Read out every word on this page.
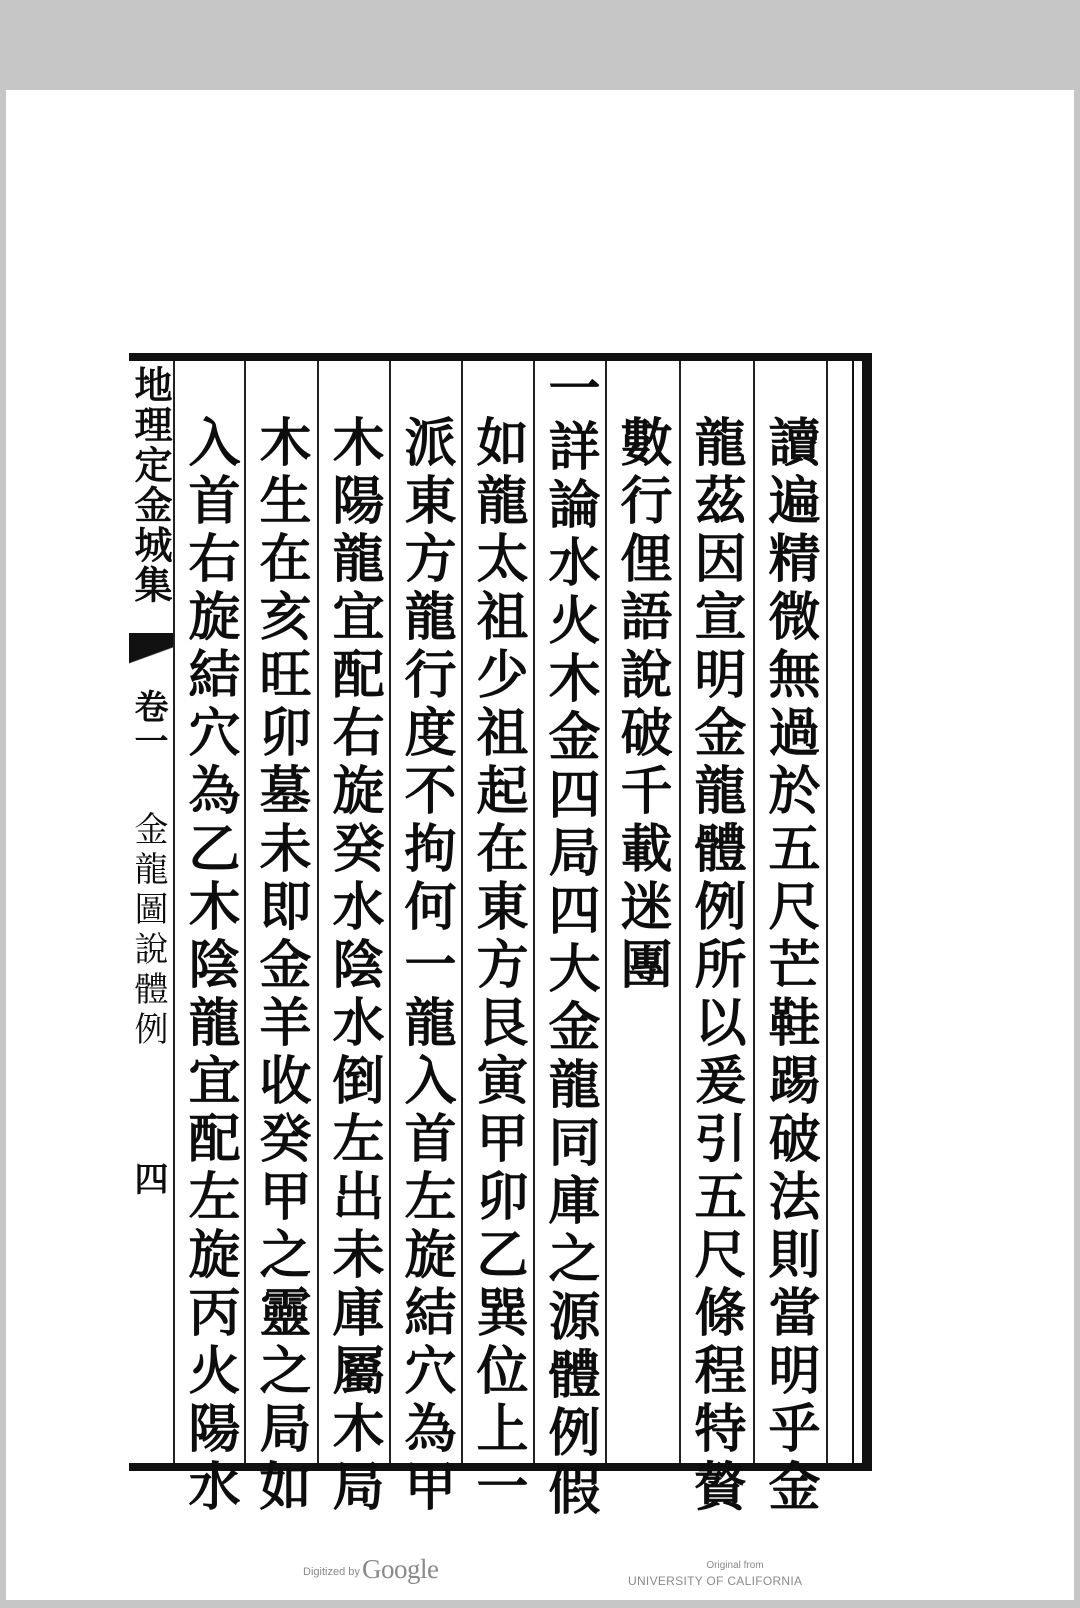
地理定金城集
卷一
金龍圖說體例
四	讀遍精微無過於五尺芒鞋踢破法則當明乎金
龍茲因宣明金龍體例所以爰引五尺條程特贅
數行俚語說破千載迷團
一詳論水火木金四局四大金龍同庫之源體例假
如龍太祖少祖起在東方艮寅甲卯乙巽位上一
派東方龍行度不拘何一龍入首左旋結穴為甲
木陽龍宜配右旋癸水陰水倒左出未庫屬木局
木生在亥旺卯墓未即金羊收癸甲之靈之局如
入首右旋結穴為乙木陰龍宜配左旋丙火陽水
Digitized by Google	Original from
UNIVERSITY OF CALIFORNIA
